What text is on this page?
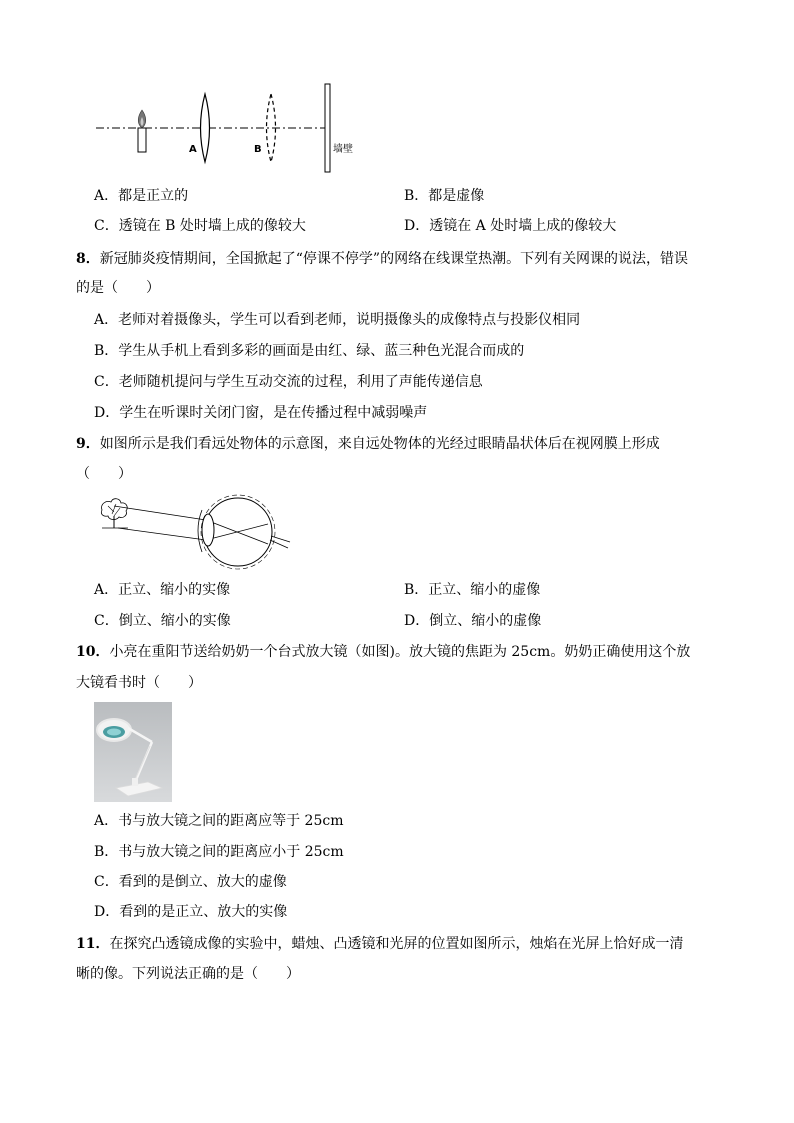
A	B	墙壁
A．都是正立的	B．都是虚像
C．透镜在 B 处时墙上成的像较大	D．透镜在 A 处时墙上成的像较大
8．新冠肺炎疫情期间，全国掀起了“停课不停学”的网络在线课堂热潮。下列有关网课的说法，错误
的是（　　）
A．老师对着摄像头，学生可以看到老师，说明摄像头的成像特点与投影仪相同
B．学生从手机上看到多彩的画面是由红、绿、蓝三种色光混合而成的
C．老师随机提问与学生互动交流的过程，利用了声能传递信息
D．学生在听课时关闭门窗，是在传播过程中减弱噪声
9．如图所示是我们看远处物体的示意图，来自远处物体的光经过眼睛晶状体后在视网膜上形成
（　　）
A．正立、缩小的实像	B．正立、缩小的虚像
C．倒立、缩小的实像	D．倒立、缩小的虚像
10．小亮在重阳节送给奶奶一个台式放大镜（如图)。放大镜的焦距为 25cm。奶奶正确使用这个放
大镜看书时（　　）
A．书与放大镜之间的距离应等于 25cm
B．书与放大镜之间的距离应小于 25cm
C．看到的是倒立、放大的虚像
D．看到的是正立、放大的实像
11．在探究凸透镜成像的实验中，蜡烛、凸透镜和光屏的位置如图所示，烛焰在光屏上恰好成一清
晰的像。下列说法正确的是（　　）
